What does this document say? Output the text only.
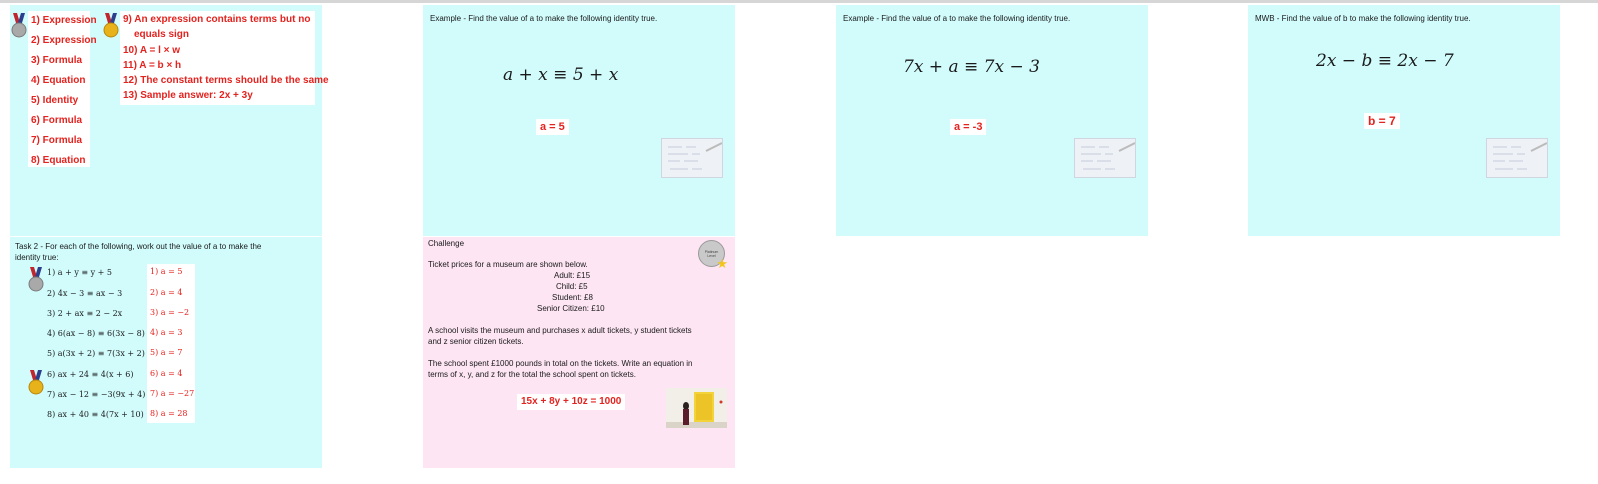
1) Expression
2) Expression
3) Formula
4) Equation
5) Identity
6) Formula
7) Formula
8) Equation
9) An expression contains terms but no
equals sign
10) A = l × w
11) A = b × h
12) The constant terms should be the same
13) Sample answer: 2x + 3y
Example - Find the value of a to make the following identity true.
a + x ≡ 5 + x
a = 5
Example - Find the value of a to make the following identity true.
7x + a ≡ 7x − 3
a = -3
MWB - Find the value of b to make the following identity true.
2x − b ≡ 2x − 7
b = 7
Task 2 - For each of the following, work out the value of a to make the
identity true:
1) a + y ≡ y + 5
2) 4x − 3 ≡ ax − 3
3) 2 + ax ≡ 2 − 2x
4) 6(ax − 8) ≡ 6(3x − 8)
5) a(3x + 2) ≡ 7(3x + 2)
6) ax + 24 ≡ 4(x + 6)
7) ax − 12 ≡ −3(9x + 4)
8) ax + 40 ≡ 4(7x + 10)
1) a = 5
2) a = 4
3) a = −2
4) a = 3
5) a = 7
6) a = 4
7) a = −27
8) a = 28
Challenge
Platinum Level ★
Ticket prices for a museum are shown below.
Adult: £15
Child: £5
Student: £8
Senior Citizen: £10
A school visits the museum and purchases x adult tickets, y student tickets
and z senior citizen tickets.
The school spent £1000 pounds in total on the tickets. Write an equation in
terms of x, y, and z for the total the school spent on tickets.
15x + 8y + 10z = 1000
